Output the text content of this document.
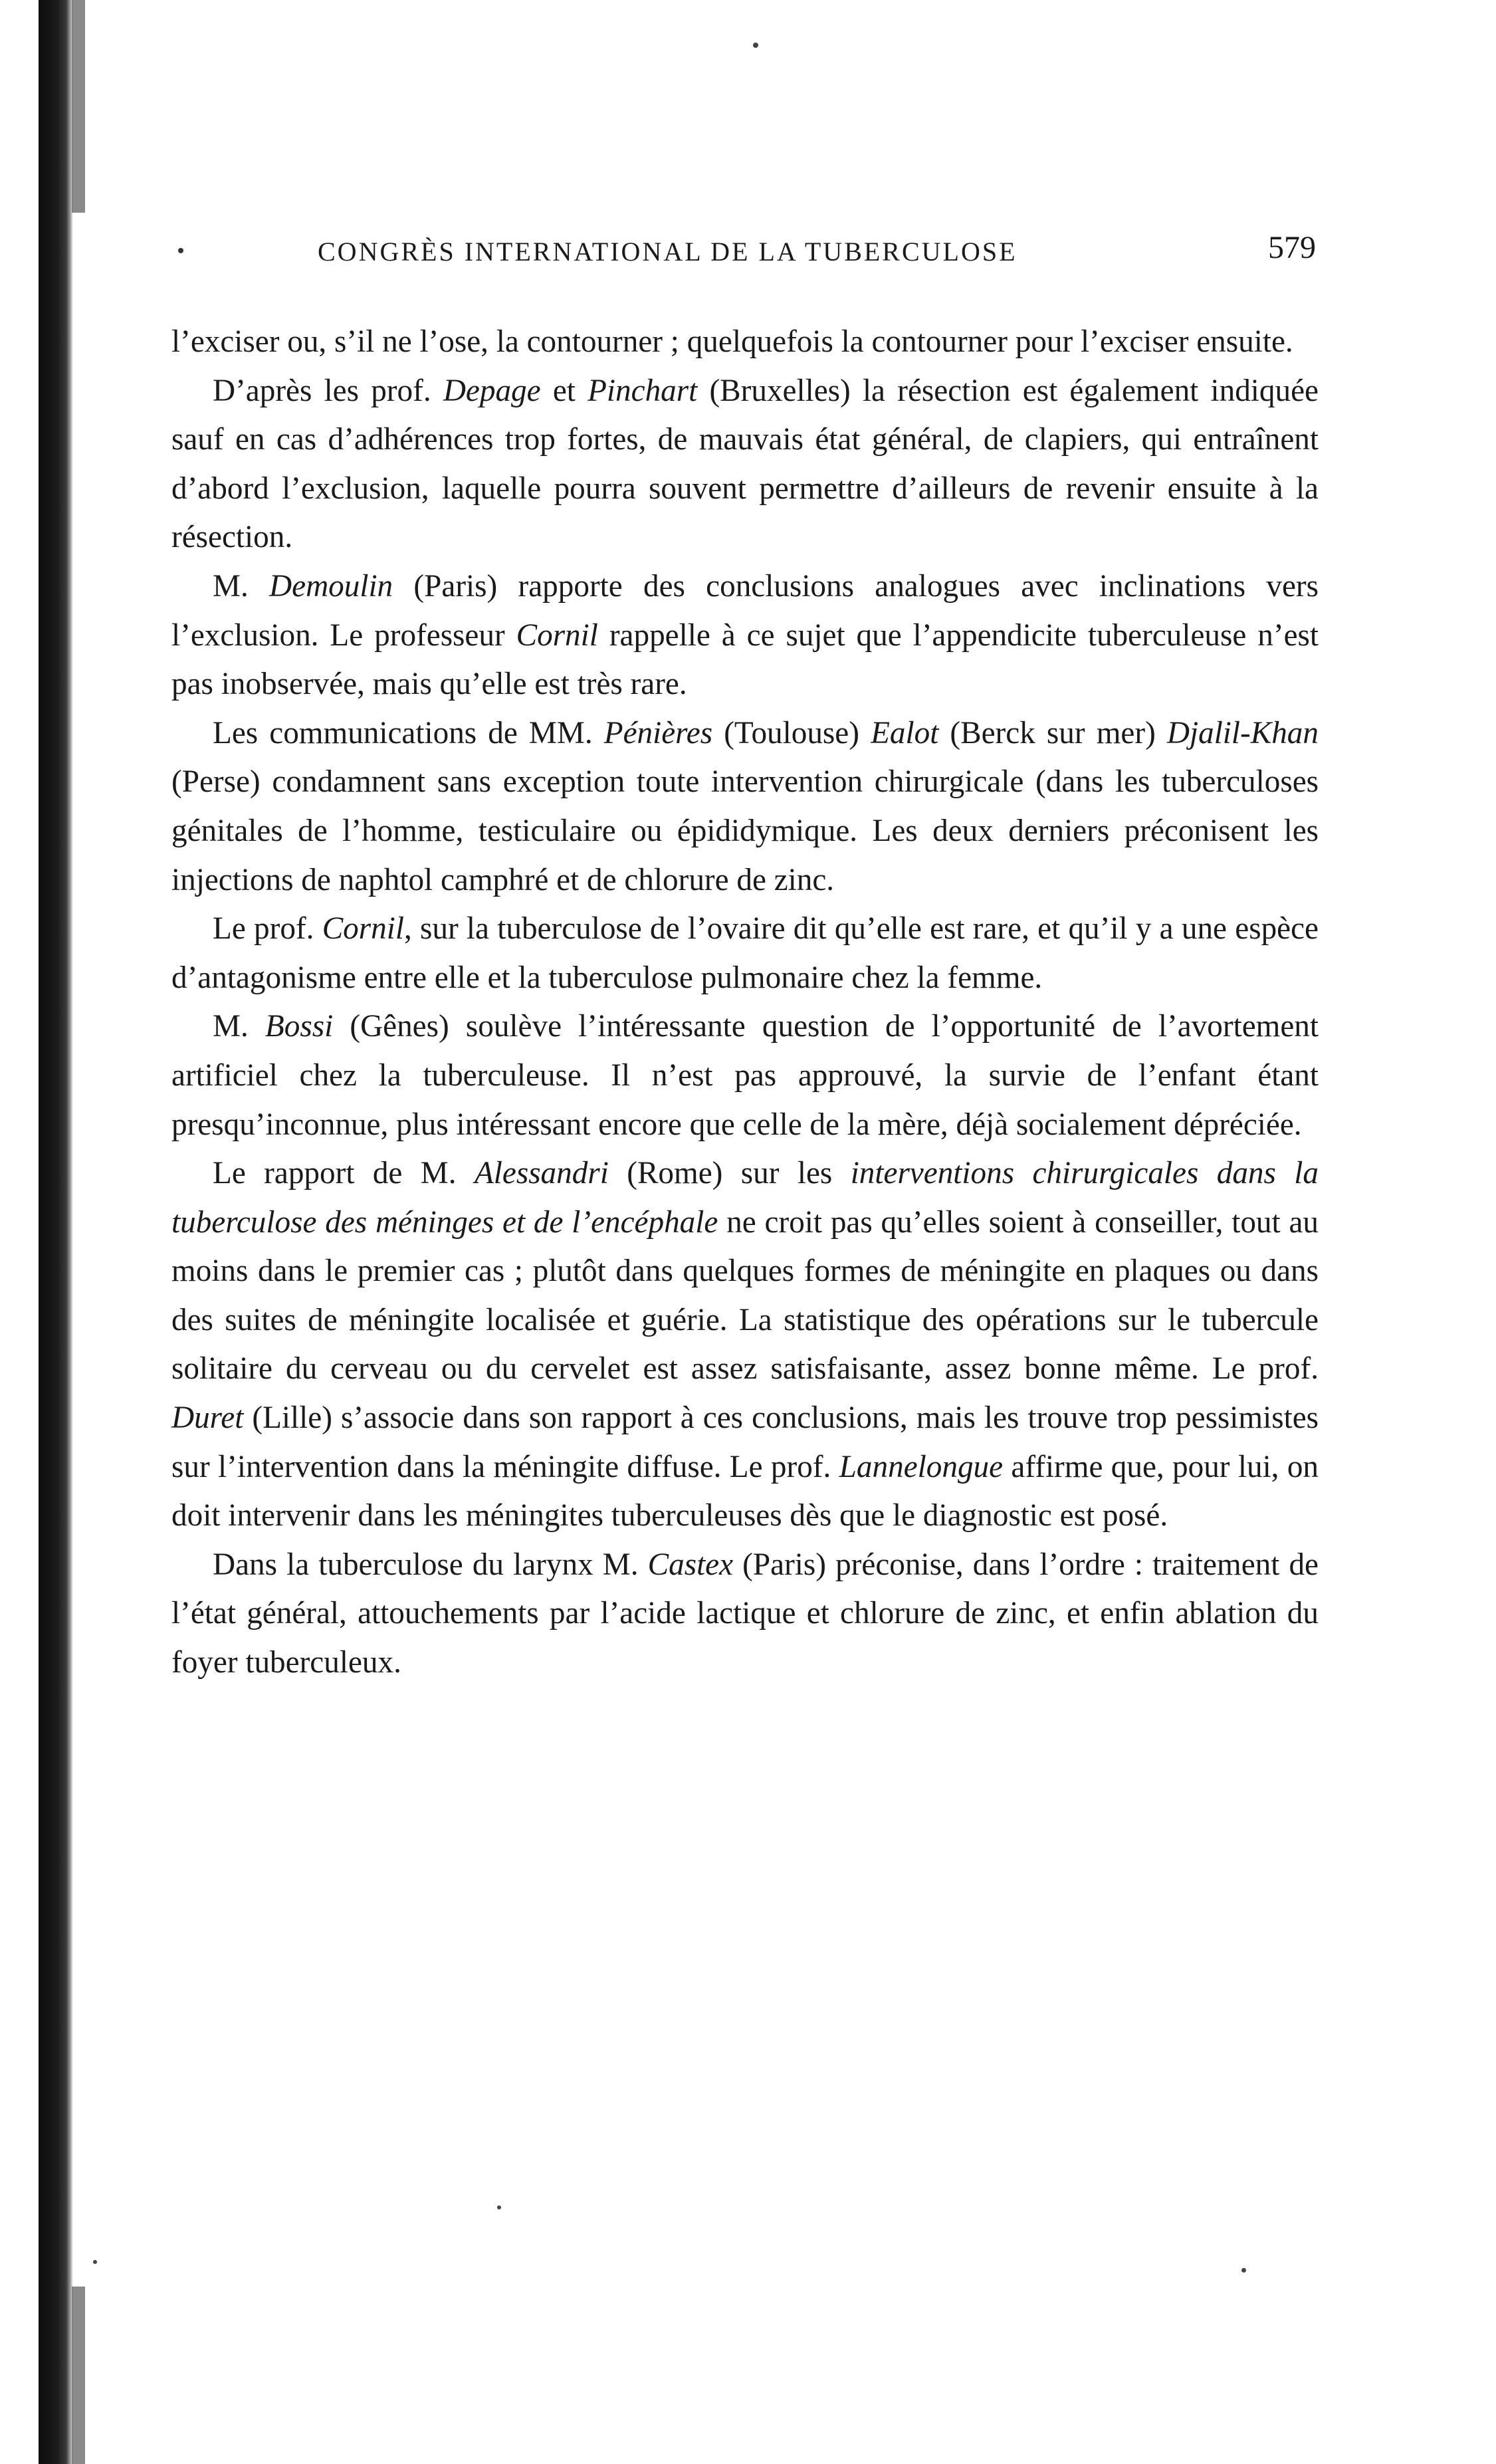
CONGRÈS INTERNATIONAL DE LA TUBERCULOSE	579

l’exciser ou, s’il ne l’ose, la contourner ; quelquefois la contourner pour l’exciser ensuite.

D’après les prof. Depage et Pinchart (Bruxelles) la résection est également indiquée sauf en cas d’adhérences trop fortes, de mauvais état général, de clapiers, qui entraînent d’abord l’exclusion, laquelle pourra souvent permettre d’ailleurs de revenir ensuite à la résection.

M. Demoulin (Paris) rapporte des conclusions analogues avec inclinations vers l’exclusion. Le professeur Cornil rappelle à ce sujet que l’appendicite tuberculeuse n’est pas inobservée, mais qu’elle est très rare.

Les communications de MM. Pénières (Toulouse) Ealot (Berck sur mer) Djalil-Khan (Perse) condamnent sans exception toute intervention chirurgicale (dans les tuberculoses génitales de l’homme, testiculaire ou épididymique. Les deux derniers préconisent les injections de naphtol camphré et de chlorure de zinc.

Le prof. Cornil, sur la tuberculose de l’ovaire dit qu’elle est rare, et qu’il y a une espèce d’antagonisme entre elle et la tuberculose pulmonaire chez la femme.

M. Bossi (Gênes) soulève l’intéressante question de l’opportunité de l’avortement artificiel chez la tuberculeuse. Il n’est pas approuvé, la survie de l’enfant étant presqu’inconnue, plus intéressant encore que celle de la mère, déjà socialement dépréciée.

Le rapport de M. Alessandri (Rome) sur les interventions chirurgicales dans la tuberculose des méninges et de l’encéphale ne croit pas qu’elles soient à conseiller, tout au moins dans le premier cas ; plutôt dans quelques formes de méningite en plaques ou dans des suites de méningite localisée et guérie. La statistique des opérations sur le tubercule solitaire du cerveau ou du cervelet est assez satisfaisante, assez bonne même. Le prof. Duret (Lille) s’associe dans son rapport à ces conclusions, mais les trouve trop pessimistes sur l’intervention dans la méningite diffuse. Le prof. Lannelongue affirme que, pour lui, on doit intervenir dans les méningites tuberculeuses dès que le diagnostic est posé.

Dans la tuberculose du larynx M. Castex (Paris) préconise, dans l’ordre : traitement de l’état général, attouchements par l’acide lactique et chlorure de zinc, et enfin ablation du foyer tuberculeux.
